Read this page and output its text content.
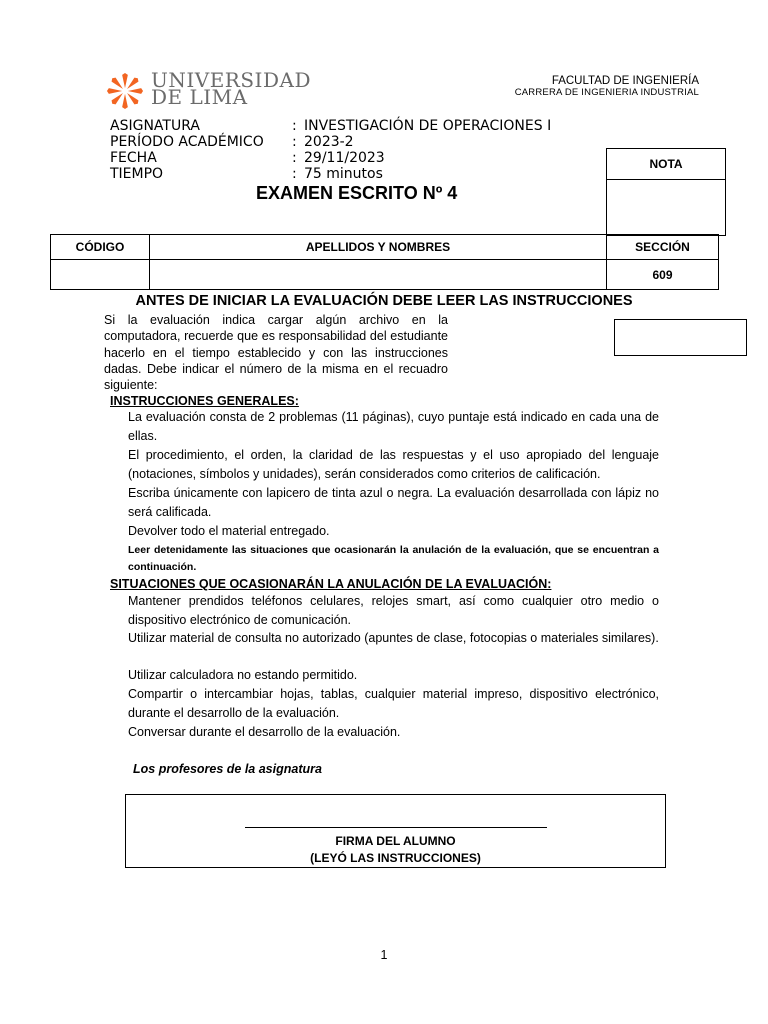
UNIVERSIDAD
DE LIMA
FACULTAD DE INGENIERÍA
CARRERA DE INGENIERIA INDUSTRIAL
ASIGNATURA	: INVESTIGACIÓN DE OPERACIONES I
PERÍODO ACADÉMICO	: 2023-2
FECHA	: 29/11/2023
TIEMPO	: 75 minutos
NOTA
EXAMEN ESCRITO Nº 4
CÓDIGO	APELLIDOS Y NOMBRES	SECCIÓN
		609
ANTES DE INICIAR LA EVALUACIÓN DEBE LEER LAS INSTRUCCIONES
Si la evaluación indica cargar algún archivo en la computadora, recuerde que es responsabilidad del estudiante hacerlo en el tiempo establecido y con las instrucciones dadas. Debe indicar el número de la misma en el recuadro siguiente:
INSTRUCCIONES GENERALES:
La evaluación consta de 2 problemas (11 páginas), cuyo puntaje está indicado en cada una de ellas.
El procedimiento, el orden, la claridad de las respuestas y el uso apropiado del lenguaje (notaciones, símbolos y unidades), serán considerados como criterios de calificación.
Escriba únicamente con lapicero de tinta azul o negra. La evaluación desarrollada con lápiz no será calificada.
Devolver todo el material entregado.
Leer detenidamente las situaciones que ocasionarán la anulación de la evaluación, que se encuentran a continuación.
SITUACIONES QUE OCASIONARÁN LA ANULACIÓN DE LA EVALUACIÓN:
Mantener prendidos teléfonos celulares, relojes smart, así como cualquier otro medio o dispositivo electrónico de comunicación.
Utilizar material de consulta no autorizado (apuntes de clase, fotocopias o materiales similares).
Utilizar calculadora no estando permitido.
Compartir o intercambiar hojas, tablas, cualquier material impreso, dispositivo electrónico, durante el desarrollo de la evaluación.
Conversar durante el desarrollo de la evaluación.
Los profesores de la asignatura
FIRMA DEL ALUMNO
(LEYÓ LAS INSTRUCCIONES)
1
